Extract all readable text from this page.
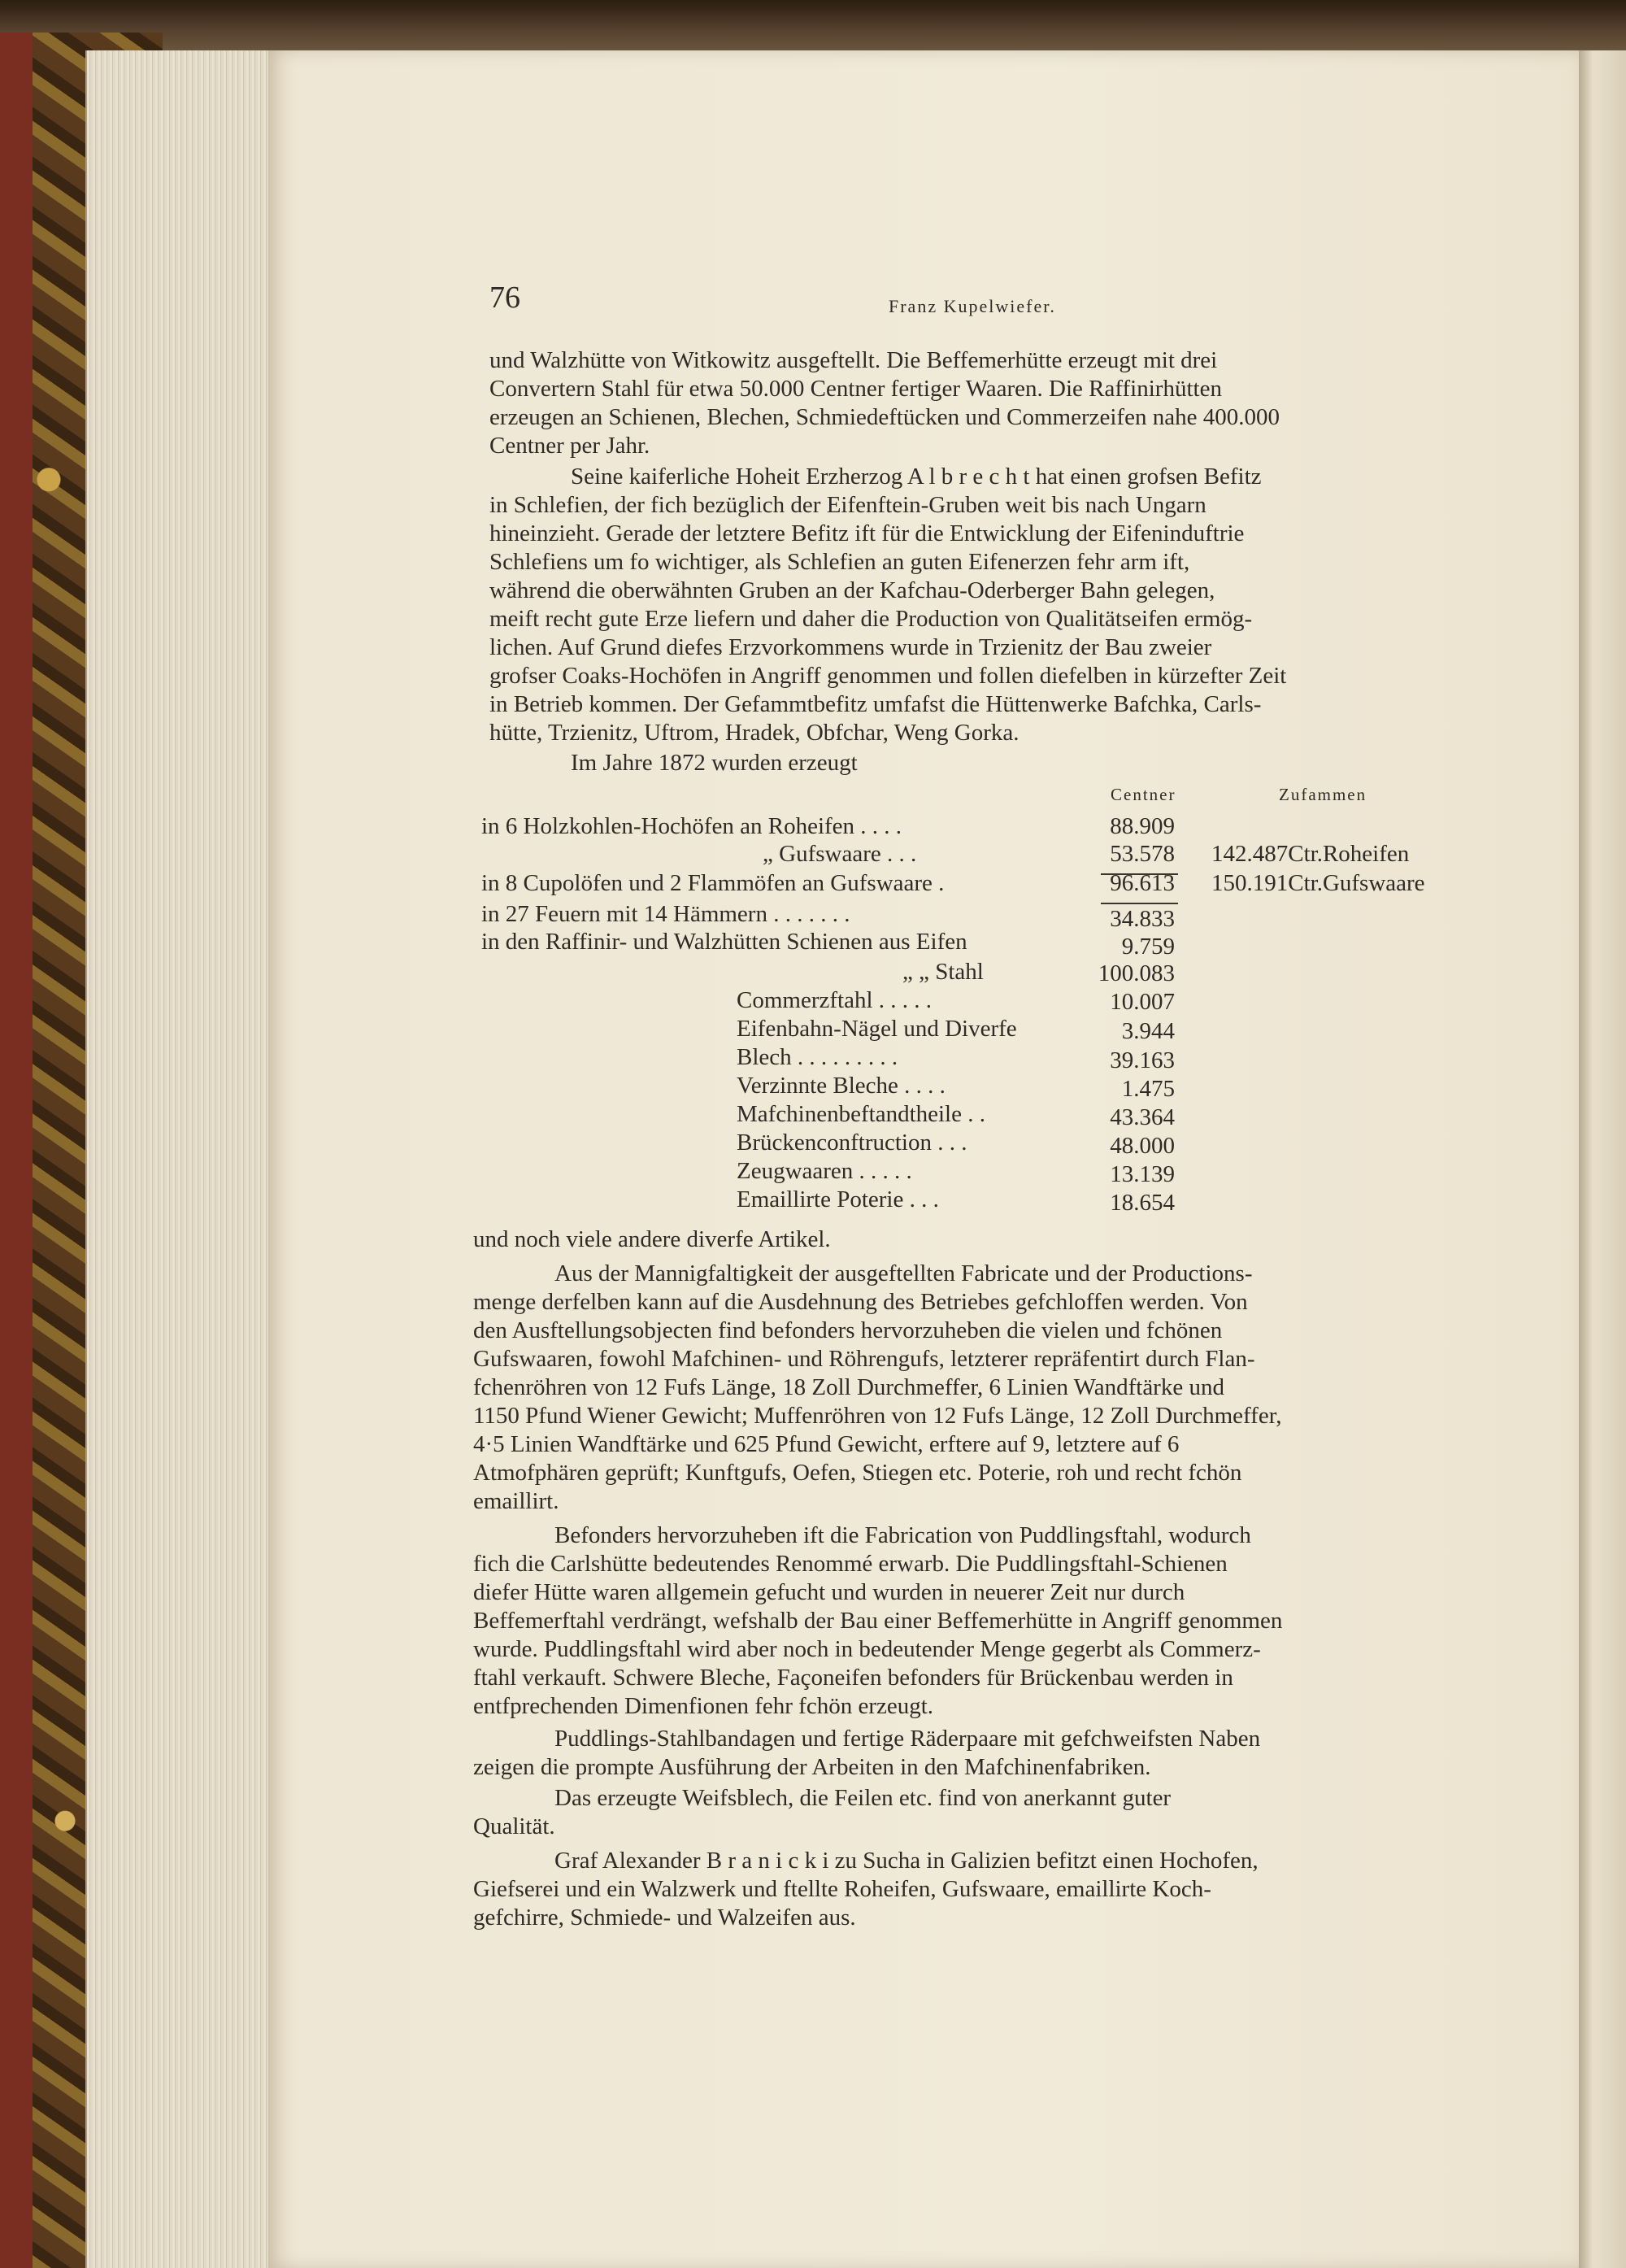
76	Franz Kupelwiefer.
und Walzhütte von Witkowitz ausgeftellt. Die Beffemerhütte erzeugt mit drei
Convertern Stahl für etwa 50.000 Centner fertiger Waaren. Die Raffinirhütten
erzeugen an Schienen, Blechen, Schmiedeftücken und Commerzeifen nahe 400.000
Centner per Jahr.
Seine kaiferliche Hoheit Erzherzog A l b r e c h t hat einen grofsen Befitz
in Schlefien, der fich bezüglich der Eifenftein-Gruben weit bis nach Ungarn
hineinzieht. Gerade der letztere Befitz ift für die Entwicklung der Eifeninduftrie
Schlefiens um fo wichtiger, als Schlefien an guten Eifenerzen fehr arm ift,
während die oberwähnten Gruben an der Kafchau-Oderberger Bahn gelegen,
meift recht gute Erze liefern und daher die Production von Qualitätseifen ermög-
lichen. Auf Grund diefes Erzvorkommens wurde in Trzienitz der Bau zweier
grofser Coaks-Hochöfen in Angriff genommen und follen diefelben in kürzefter Zeit
in Betrieb kommen. Der Gefammtbefitz umfafst die Hüttenwerke Bafchka, Carls-
hütte, Trzienitz, Uftrom, Hradek, Obfchar, Weng Gorka.
Im Jahre 1872 wurden erzeugt
Centner	Zufammen
in 6 Holzkohlen-Hochöfen an Roheifen . . . .	88.909
„ Gufswaare . . .	53.578 142.487Ctr.Roheifen
in 8 Cupolöfen und 2 Flammöfen an Gufswaare .	96.613 150.191Ctr.Gufswaare
in 27 Feuern mit 14 Hämmern . . . . . . .	34.833
in den Raffinir- und Walzhütten Schienen aus Eifen	9.759
„ „ Stahl	100.083
Commerzftahl . . . . .	10.007
Eifenbahn-Nägel und Diverfe	3.944
Blech . . . . . . . . .	39.163
Verzinnte Bleche . . . .	1.475
Mafchinenbeftandtheile . .	43.364
Brückenconftruction . . .	48.000
Zeugwaaren . . . . .	13.139
Emaillirte Poterie . . .	18.654
und noch viele andere diverfe Artikel.
Aus der Mannigfaltigkeit der ausgeftellten Fabricate und der Productions-
menge derfelben kann auf die Ausdehnung des Betriebes gefchloffen werden. Von
den Ausftellungsobjecten find befonders hervorzuheben die vielen und fchönen
Gufswaaren, fowohl Mafchinen- und Röhrengufs, letzterer repräfentirt durch Flan-
fchenröhren von 12 Fufs Länge, 18 Zoll Durchmeffer, 6 Linien Wandftärke und
1150 Pfund Wiener Gewicht; Muffenröhren von 12 Fufs Länge, 12 Zoll Durchmeffer,
4·5 Linien Wandftärke und 625 Pfund Gewicht, erftere auf 9, letztere auf 6
Atmofphären geprüft; Kunftgufs, Oefen, Stiegen etc. Poterie, roh und recht fchön
emaillirt.
Befonders hervorzuheben ift die Fabrication von Puddlingsftahl, wodurch
fich die Carlshütte bedeutendes Renommé erwarb. Die Puddlingsftahl-Schienen
diefer Hütte waren allgemein gefucht und wurden in neuerer Zeit nur durch
Beffemerftahl verdrängt, wefshalb der Bau einer Beffemerhütte in Angriff genommen
wurde. Puddlingsftahl wird aber noch in bedeutender Menge gegerbt als Commerz-
ftahl verkauft. Schwere Bleche, Façoneifen befonders für Brückenbau werden in
entfprechenden Dimenfionen fehr fchön erzeugt.
Puddlings-Stahlbandagen und fertige Räderpaare mit gefchweifsten Naben
zeigen die prompte Ausführung der Arbeiten in den Mafchinenfabriken.
Das erzeugte Weifsblech, die Feilen etc. find von anerkannt guter
Qualität.
Graf Alexander B r a n i c k i zu Sucha in Galizien befitzt einen Hochofen,
Giefserei und ein Walzwerk und ftellte Roheifen, Gufswaare, emaillirte Koch-
gefchirre, Schmiede- und Walzeifen aus.
